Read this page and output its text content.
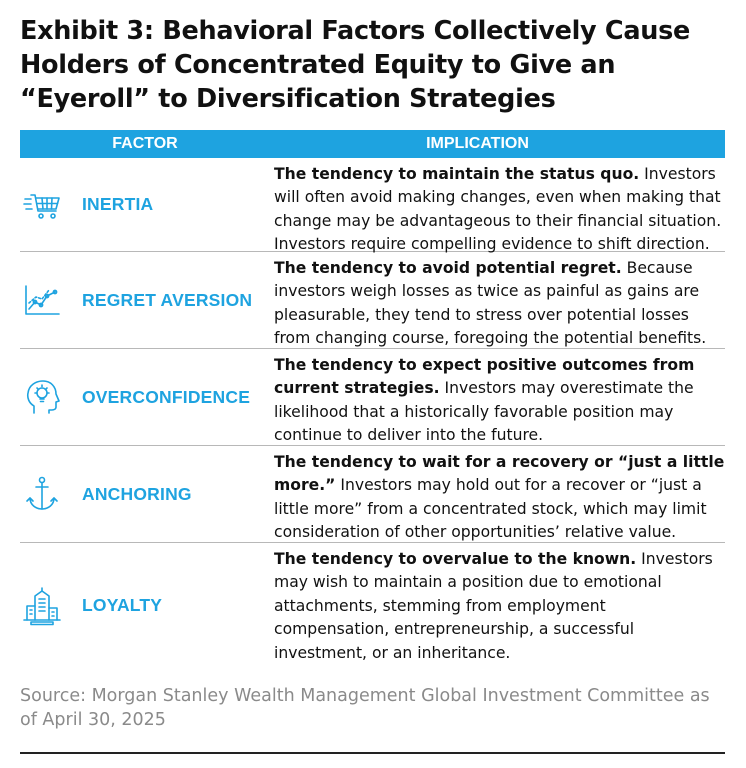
Exhibit 3: Behavioral Factors Collectively Cause Holders of Concentrated Equity to Give an “Eyeroll” to Diversification Strategies
FACTOR	IMPLICATION
INERTIA
The tendency to maintain the status quo. Investors will often avoid making changes, even when making that change may be advantageous to their financial situation. Investors require compelling evidence to shift direction.
REGRET AVERSION
The tendency to avoid potential regret. Because investors weigh losses as twice as painful as gains are pleasurable, they tend to stress over potential losses from changing course, foregoing the potential benefits.
OVERCONFIDENCE
The tendency to expect positive outcomes from current strategies. Investors may overestimate the likelihood that a historically favorable position may continue to deliver into the future.
ANCHORING
The tendency to wait for a recovery or “just a little more.” Investors may hold out for a recover or “just a little more” from a concentrated stock, which may limit consideration of other opportunities’ relative value.
LOYALTY
The tendency to overvalue to the known. Investors may wish to maintain a position due to emotional attachments, stemming from employment compensation, entrepreneurship, a successful investment, or an inheritance.

Source: Morgan Stanley Wealth Management Global Investment Committee as of April 30, 2025
